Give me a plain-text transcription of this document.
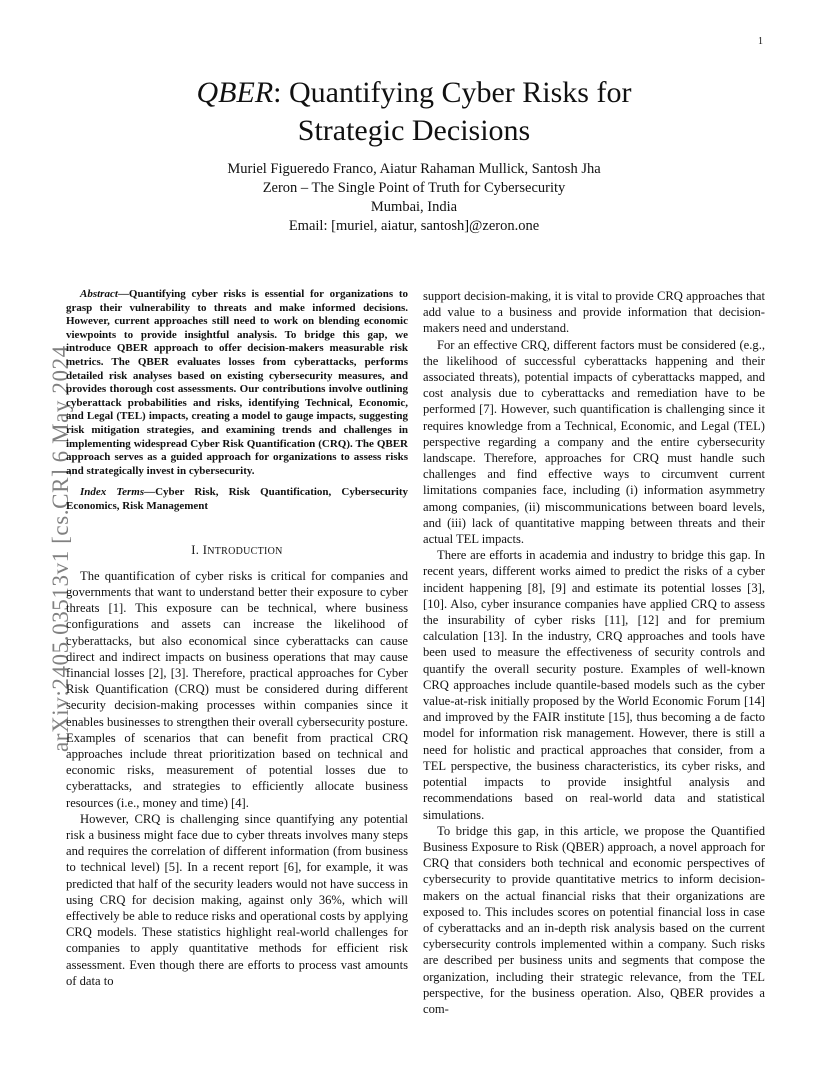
1
arXiv:2405.03513v1 [cs.CR] 6 May 2024
QBER: Quantifying Cyber Risks for
Strategic Decisions
Muriel Figueredo Franco, Aiatur Rahaman Mullick, Santosh Jha
Zeron – The Single Point of Truth for Cybersecurity
Mumbai, India
Email: [muriel, aiatur, santosh]@zeron.one

Abstract—Quantifying cyber risks is essential for organizations to grasp their vulnerability to threats and make informed decisions. However, current approaches still need to work on blending economic viewpoints to provide insightful analysis. To bridge this gap, we introduce QBER approach to offer decision-makers measurable risk metrics. The QBER evaluates losses from cyberattacks, performs detailed risk analyses based on existing cybersecurity measures, and provides thorough cost assessments. Our contributions involve outlining cyberattack probabilities and risks, identifying Technical, Economic, and Legal (TEL) impacts, creating a model to gauge impacts, suggesting risk mitigation strategies, and examining trends and challenges in implementing widespread Cyber Risk Quantification (CRQ). The QBER approach serves as a guided approach for organizations to assess risks and strategically invest in cybersecurity.

Index Terms—Cyber Risk, Risk Quantification, Cybersecurity Economics, Risk Management

I. INTRODUCTION

The quantification of cyber risks is critical for companies and governments that want to understand better their exposure to cyber threats [1]. This exposure can be technical, where business configurations and assets can increase the likelihood of cyberattacks, but also economical since cyberattacks can cause direct and indirect impacts on business operations that may cause financial losses [2], [3]. Therefore, practical approaches for Cyber Risk Quantification (CRQ) must be considered during different security decision-making processes within companies since it enables businesses to strengthen their overall cybersecurity posture. Examples of scenarios that can benefit from practical CRQ approaches include threat prioritization based on technical and economic risks, measurement of potential losses due to cyberattacks, and strategies to efficiently allocate business resources (i.e., money and time) [4].

However, CRQ is challenging since quantifying any potential risk a business might face due to cyber threats involves many steps and requires the correlation of different information (from business to technical level) [5]. In a recent report [6], for example, it was predicted that half of the security leaders would not have success in using CRQ for decision making, against only 36%, which will effectively be able to reduce risks and operational costs by applying CRQ models. These statistics highlight real-world challenges for companies to apply quantitative methods for efficient risk assessment. Even though there are efforts to process vast amounts of data to

support decision-making, it is vital to provide CRQ approaches that add value to a business and provide information that decision-makers need and understand.

For an effective CRQ, different factors must be considered (e.g., the likelihood of successful cyberattacks happening and their associated threats), potential impacts of cyberattacks mapped, and cost analysis due to cyberattacks and remediation have to be performed [7]. However, such quantification is challenging since it requires knowledge from a Technical, Economic, and Legal (TEL) perspective regarding a company and the entire cybersecurity landscape. Therefore, approaches for CRQ must handle such challenges and find effective ways to circumvent current limitations companies face, including (i) information asymmetry among companies, (ii) miscommunications between board levels, and (iii) lack of quantitative mapping between threats and their actual TEL impacts.

There are efforts in academia and industry to bridge this gap. In recent years, different works aimed to predict the risks of a cyber incident happening [8], [9] and estimate its potential losses [3], [10]. Also, cyber insurance companies have applied CRQ to assess the insurability of cyber risks [11], [12] and for premium calculation [13]. In the industry, CRQ approaches and tools have been used to measure the effectiveness of security controls and quantify the overall security posture. Examples of well-known CRQ approaches include quantile-based models such as the cyber value-at-risk initially proposed by the World Economic Forum [14] and improved by the FAIR institute [15], thus becoming a de facto model for information risk management. However, there is still a need for holistic and practical approaches that consider, from a TEL perspective, the business characteristics, its cyber risks, and potential impacts to provide insightful analysis and recommendations based on real-world data and statistical simulations.

To bridge this gap, in this article, we propose the Quantified Business Exposure to Risk (QBER) approach, a novel approach for CRQ that considers both technical and economic perspectives of cybersecurity to provide quantitative metrics to inform decision-makers on the actual financial risks that their organizations are exposed to. This includes scores on potential financial loss in case of cyberattacks and an in-depth risk analysis based on the current cybersecurity controls implemented within a company. Such risks are described per business units and segments that compose the organization, including their strategic relevance, from the TEL perspective, for the business operation. Also, QBER provides a com-
